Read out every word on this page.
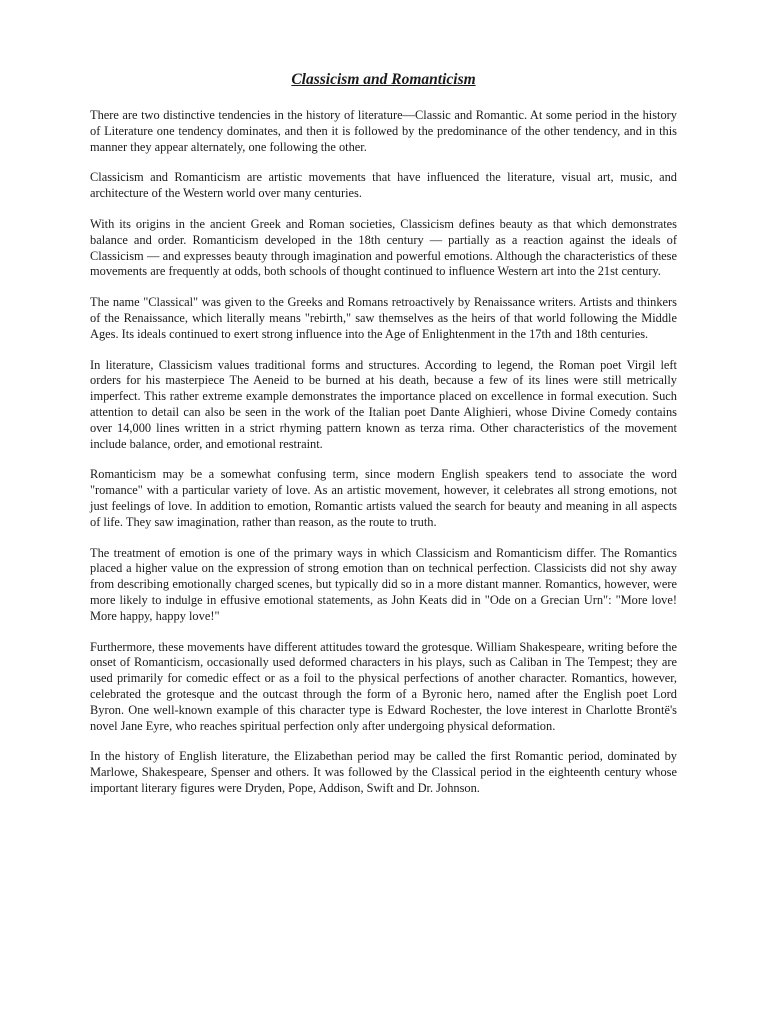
Classicism and Romanticism

There are two distinctive tendencies in the history of literature—Classic and Romantic. At some period in the history of Literature one tendency dominates, and then it is followed by the predominance of the other tendency, and in this manner they appear alternately, one following the other.

Classicism and Romanticism are artistic movements that have influenced the literature, visual art, music, and architecture of the Western world over many centuries.

With its origins in the ancient Greek and Roman societies, Classicism defines beauty as that which demonstrates balance and order. Romanticism developed in the 18th century — partially as a reaction against the ideals of Classicism — and expresses beauty through imagination and powerful emotions. Although the characteristics of these movements are frequently at odds, both schools of thought continued to influence Western art into the 21st century.

The name "Classical" was given to the Greeks and Romans retroactively by Renaissance writers. Artists and thinkers of the Renaissance, which literally means "rebirth," saw themselves as the heirs of that world following the Middle Ages. Its ideals continued to exert strong influence into the Age of Enlightenment in the 17th and 18th centuries.

In literature, Classicism values traditional forms and structures. According to legend, the Roman poet Virgil left orders for his masterpiece The Aeneid to be burned at his death, because a few of its lines were still metrically imperfect. This rather extreme example demonstrates the importance placed on excellence in formal execution. Such attention to detail can also be seen in the work of the Italian poet Dante Alighieri, whose Divine Comedy contains over 14,000 lines written in a strict rhyming pattern known as terza rima. Other characteristics of the movement include balance, order, and emotional restraint.

Romanticism may be a somewhat confusing term, since modern English speakers tend to associate the word "romance" with a particular variety of love. As an artistic movement, however, it celebrates all strong emotions, not just feelings of love. In addition to emotion, Romantic artists valued the search for beauty and meaning in all aspects of life. They saw imagination, rather than reason, as the route to truth.

The treatment of emotion is one of the primary ways in which Classicism and Romanticism differ. The Romantics placed a higher value on the expression of strong emotion than on technical perfection. Classicists did not shy away from describing emotionally charged scenes, but typically did so in a more distant manner. Romantics, however, were more likely to indulge in effusive emotional statements, as John Keats did in "Ode on a Grecian Urn": "More love! More happy, happy love!"

Furthermore, these movements have different attitudes toward the grotesque. William Shakespeare, writing before the onset of Romanticism, occasionally used deformed characters in his plays, such as Caliban in The Tempest; they are used primarily for comedic effect or as a foil to the physical perfections of another character. Romantics, however, celebrated the grotesque and the outcast through the form of a Byronic hero, named after the English poet Lord Byron. One well-known example of this character type is Edward Rochester, the love interest in Charlotte Brontë's novel Jane Eyre, who reaches spiritual perfection only after undergoing physical deformation.

In the history of English literature, the Elizabethan period may be called the first Romantic period, dominated by Marlowe, Shakespeare, Spenser and others. It was followed by the Classical period in the eighteenth century whose important literary figures were Dryden, Pope, Addison, Swift and Dr. Johnson.
